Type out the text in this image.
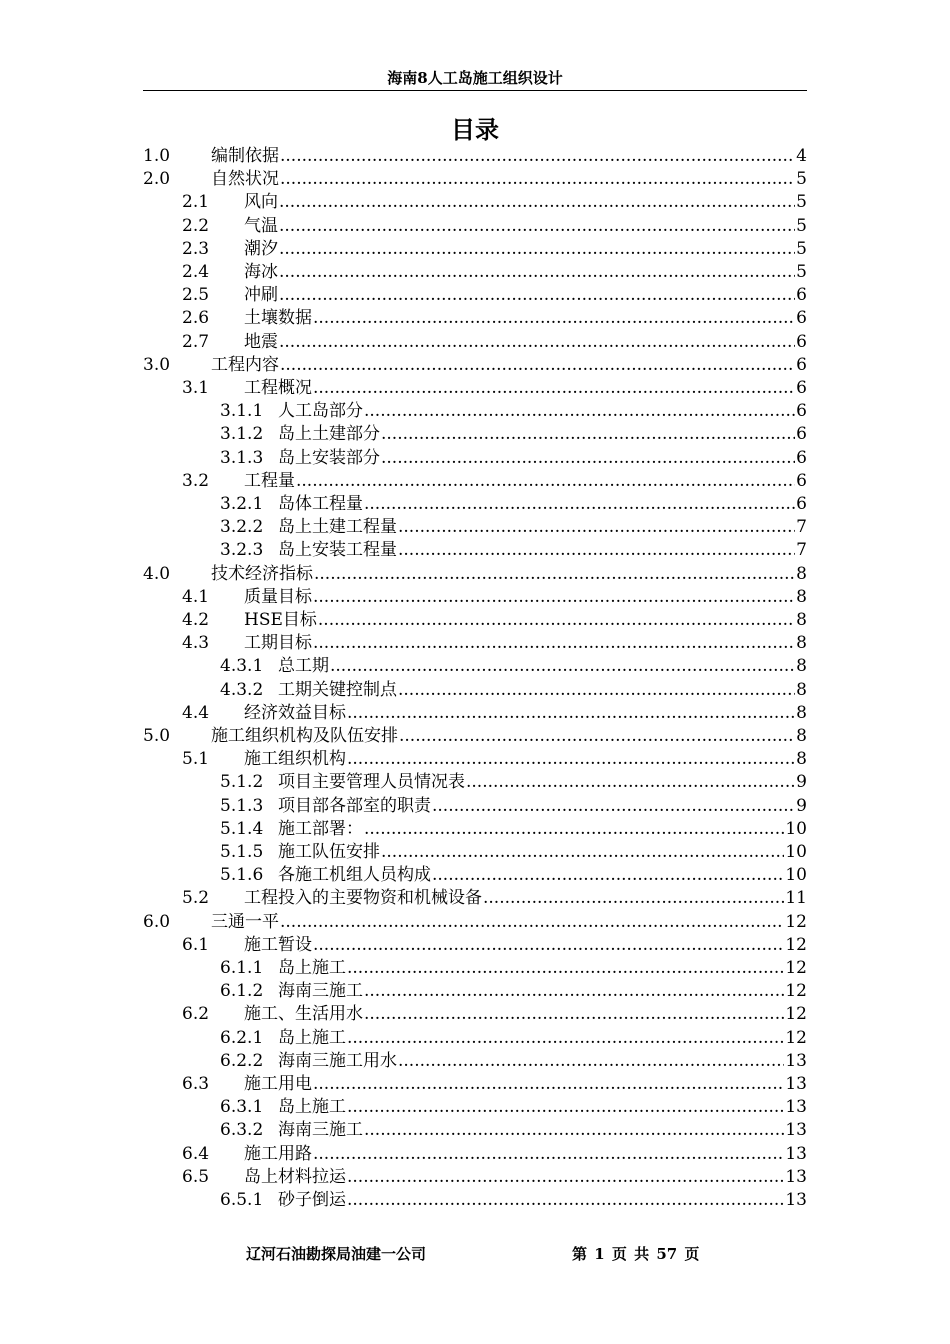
海南8人工岛施工组织设计
目录
1.0	编制依据 .....	4
2.0	自然状况 .....	5
2.1	风向 .....	5
2.2	气温 .....	5
2.3	潮汐 .....	5
2.4	海冰 .....	5
2.5	冲刷 .....	6
2.6	土壤数据 .....	6
2.7	地震 .....	6
3.0	工程内容 .....	6
3.1	工程概况 .....	6
3.1.1 人工岛部分 .....	6
3.1.2 岛上土建部分 .....	6
3.1.3 岛上安装部分 .....	6
3.2	工程量 .....	6
3.2.1 岛体工程量 .....	6
3.2.2 岛上土建工程量 .....	7
3.2.3 岛上安装工程量 .....	7
4.0	技术经济指标 .....	8
4.1	质量目标 .....	8
4.2	HSE目标 .....	8
4.3	工期目标 .....	8
4.3.1 总工期 .....	8
4.3.2 工期关键控制点 .....	8
4.4	经济效益目标 .....	8
5.0	施工组织机构及队伍安排 .....	8
5.1	施工组织机构 .....	8
5.1.2 项目主要管理人员情况表 .....	9
5.1.3 项目部各部室的职责 .....	9
5.1.4 施工部署： .....	10
5.1.5 施工队伍安排 .....	10
5.1.6 各施工机组人员构成 .....	10
5.2	工程投入的主要物资和机械设备 .....	11
6.0	三通一平 .....	12
6.1	施工暂设 .....	12
6.1.1 岛上施工 .....	12
6.1.2 海南三施工 .....	12
6.2	施工、生活用水 .....	12
6.2.1 岛上施工 .....	12
6.2.2 海南三施工用水 .....	13
6.3	施工用电 .....	13
6.3.1 岛上施工 .....	13
6.3.2 海南三施工 .....	13
6.4	施工用路 .....	13
6.5	岛上材料拉运 .....	13
6.5.1 砂子倒运 .....	13
辽河石油勘探局油建一公司	第 1 页 共 57 页
